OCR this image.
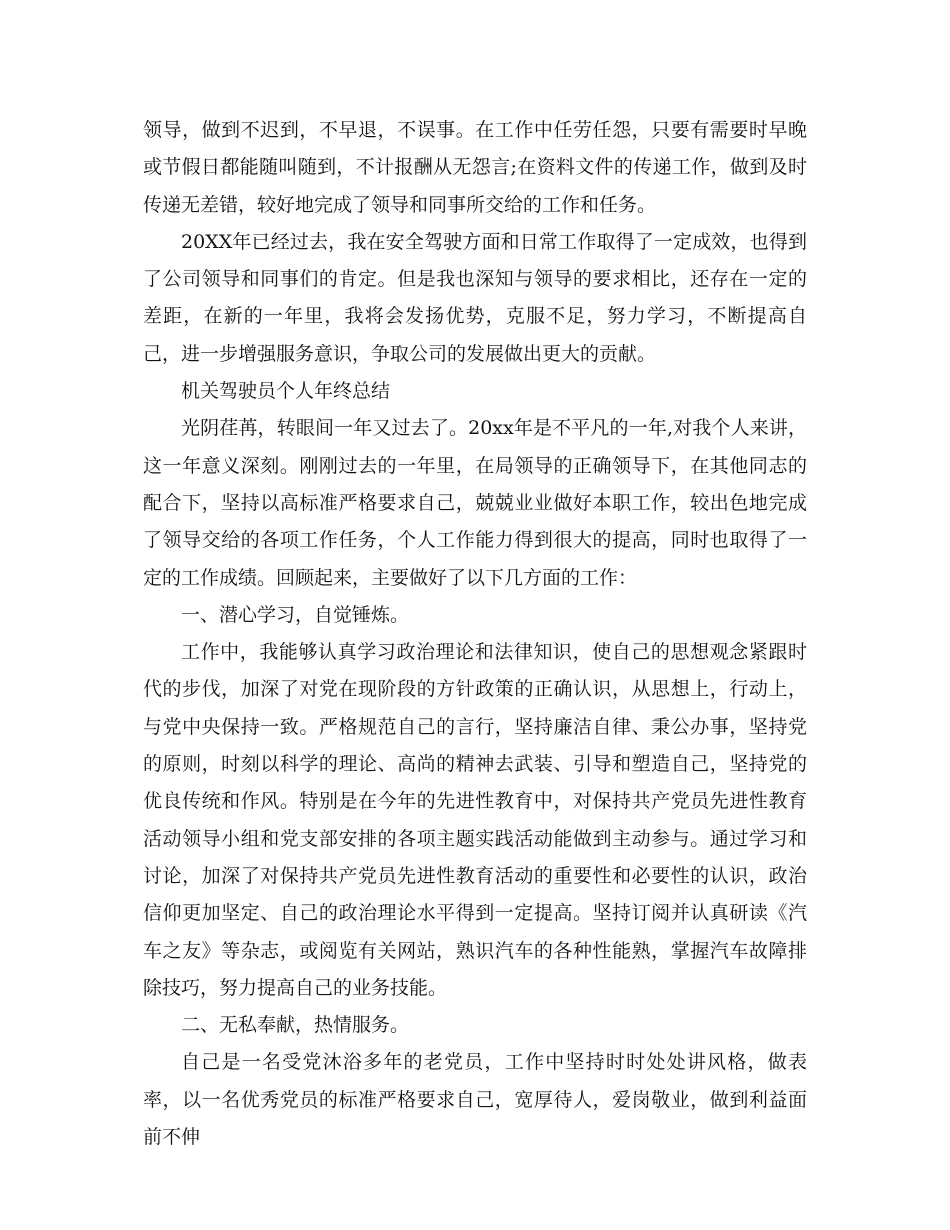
领导，做到不迟到，不早退，不误事。在工作中任劳任怨，只要有需要时早晚或节假日都能随叫随到，不计报酬从无怨言;在资料文件的传递工作，做到及时传递无差错，较好地完成了领导和同事所交给的工作和任务。

20XX年已经过去，我在安全驾驶方面和日常工作取得了一定成效，也得到了公司领导和同事们的肯定。但是我也深知与领导的要求相比，还存在一定的差距，在新的一年里，我将会发扬优势，克服不足，努力学习，不断提高自己，进一步增强服务意识，争取公司的发展做出更大的贡献。

机关驾驶员个人年终总结

光阴荏苒，转眼间一年又过去了。20xx年是不平凡的一年,对我个人来讲，这一年意义深刻。刚刚过去的一年里，在局领导的正确领导下，在其他同志的配合下，坚持以高标准严格要求自己，兢兢业业做好本职工作，较出色地完成了领导交给的各项工作任务，个人工作能力得到很大的提高，同时也取得了一定的工作成绩。回顾起来，主要做好了以下几方面的工作：

一、潜心学习，自觉锤炼。

工作中，我能够认真学习政治理论和法律知识，使自己的思想观念紧跟时代的步伐，加深了对党在现阶段的方针政策的正确认识，从思想上，行动上，与党中央保持一致。严格规范自己的言行，坚持廉洁自律、秉公办事，坚持党的原则，时刻以科学的理论、高尚的精神去武装、引导和塑造自己，坚持党的优良传统和作风。特别是在今年的先进性教育中，对保持共产党员先进性教育活动领导小组和党支部安排的各项主题实践活动能做到主动参与。通过学习和讨论，加深了对保持共产党员先进性教育活动的重要性和必要性的认识，政治信仰更加坚定、自己的政治理论水平得到一定提高。坚持订阅并认真研读《汽车之友》等杂志，或阅览有关网站，熟识汽车的各种性能熟，掌握汽车故障排除技巧，努力提高自己的业务技能。

二、无私奉献，热情服务。

自己是一名受党沐浴多年的老党员，工作中坚持时时处处讲风格，做表率，以一名优秀党员的标准严格要求自己，宽厚待人，爱岗敬业，做到利益面前不伸
